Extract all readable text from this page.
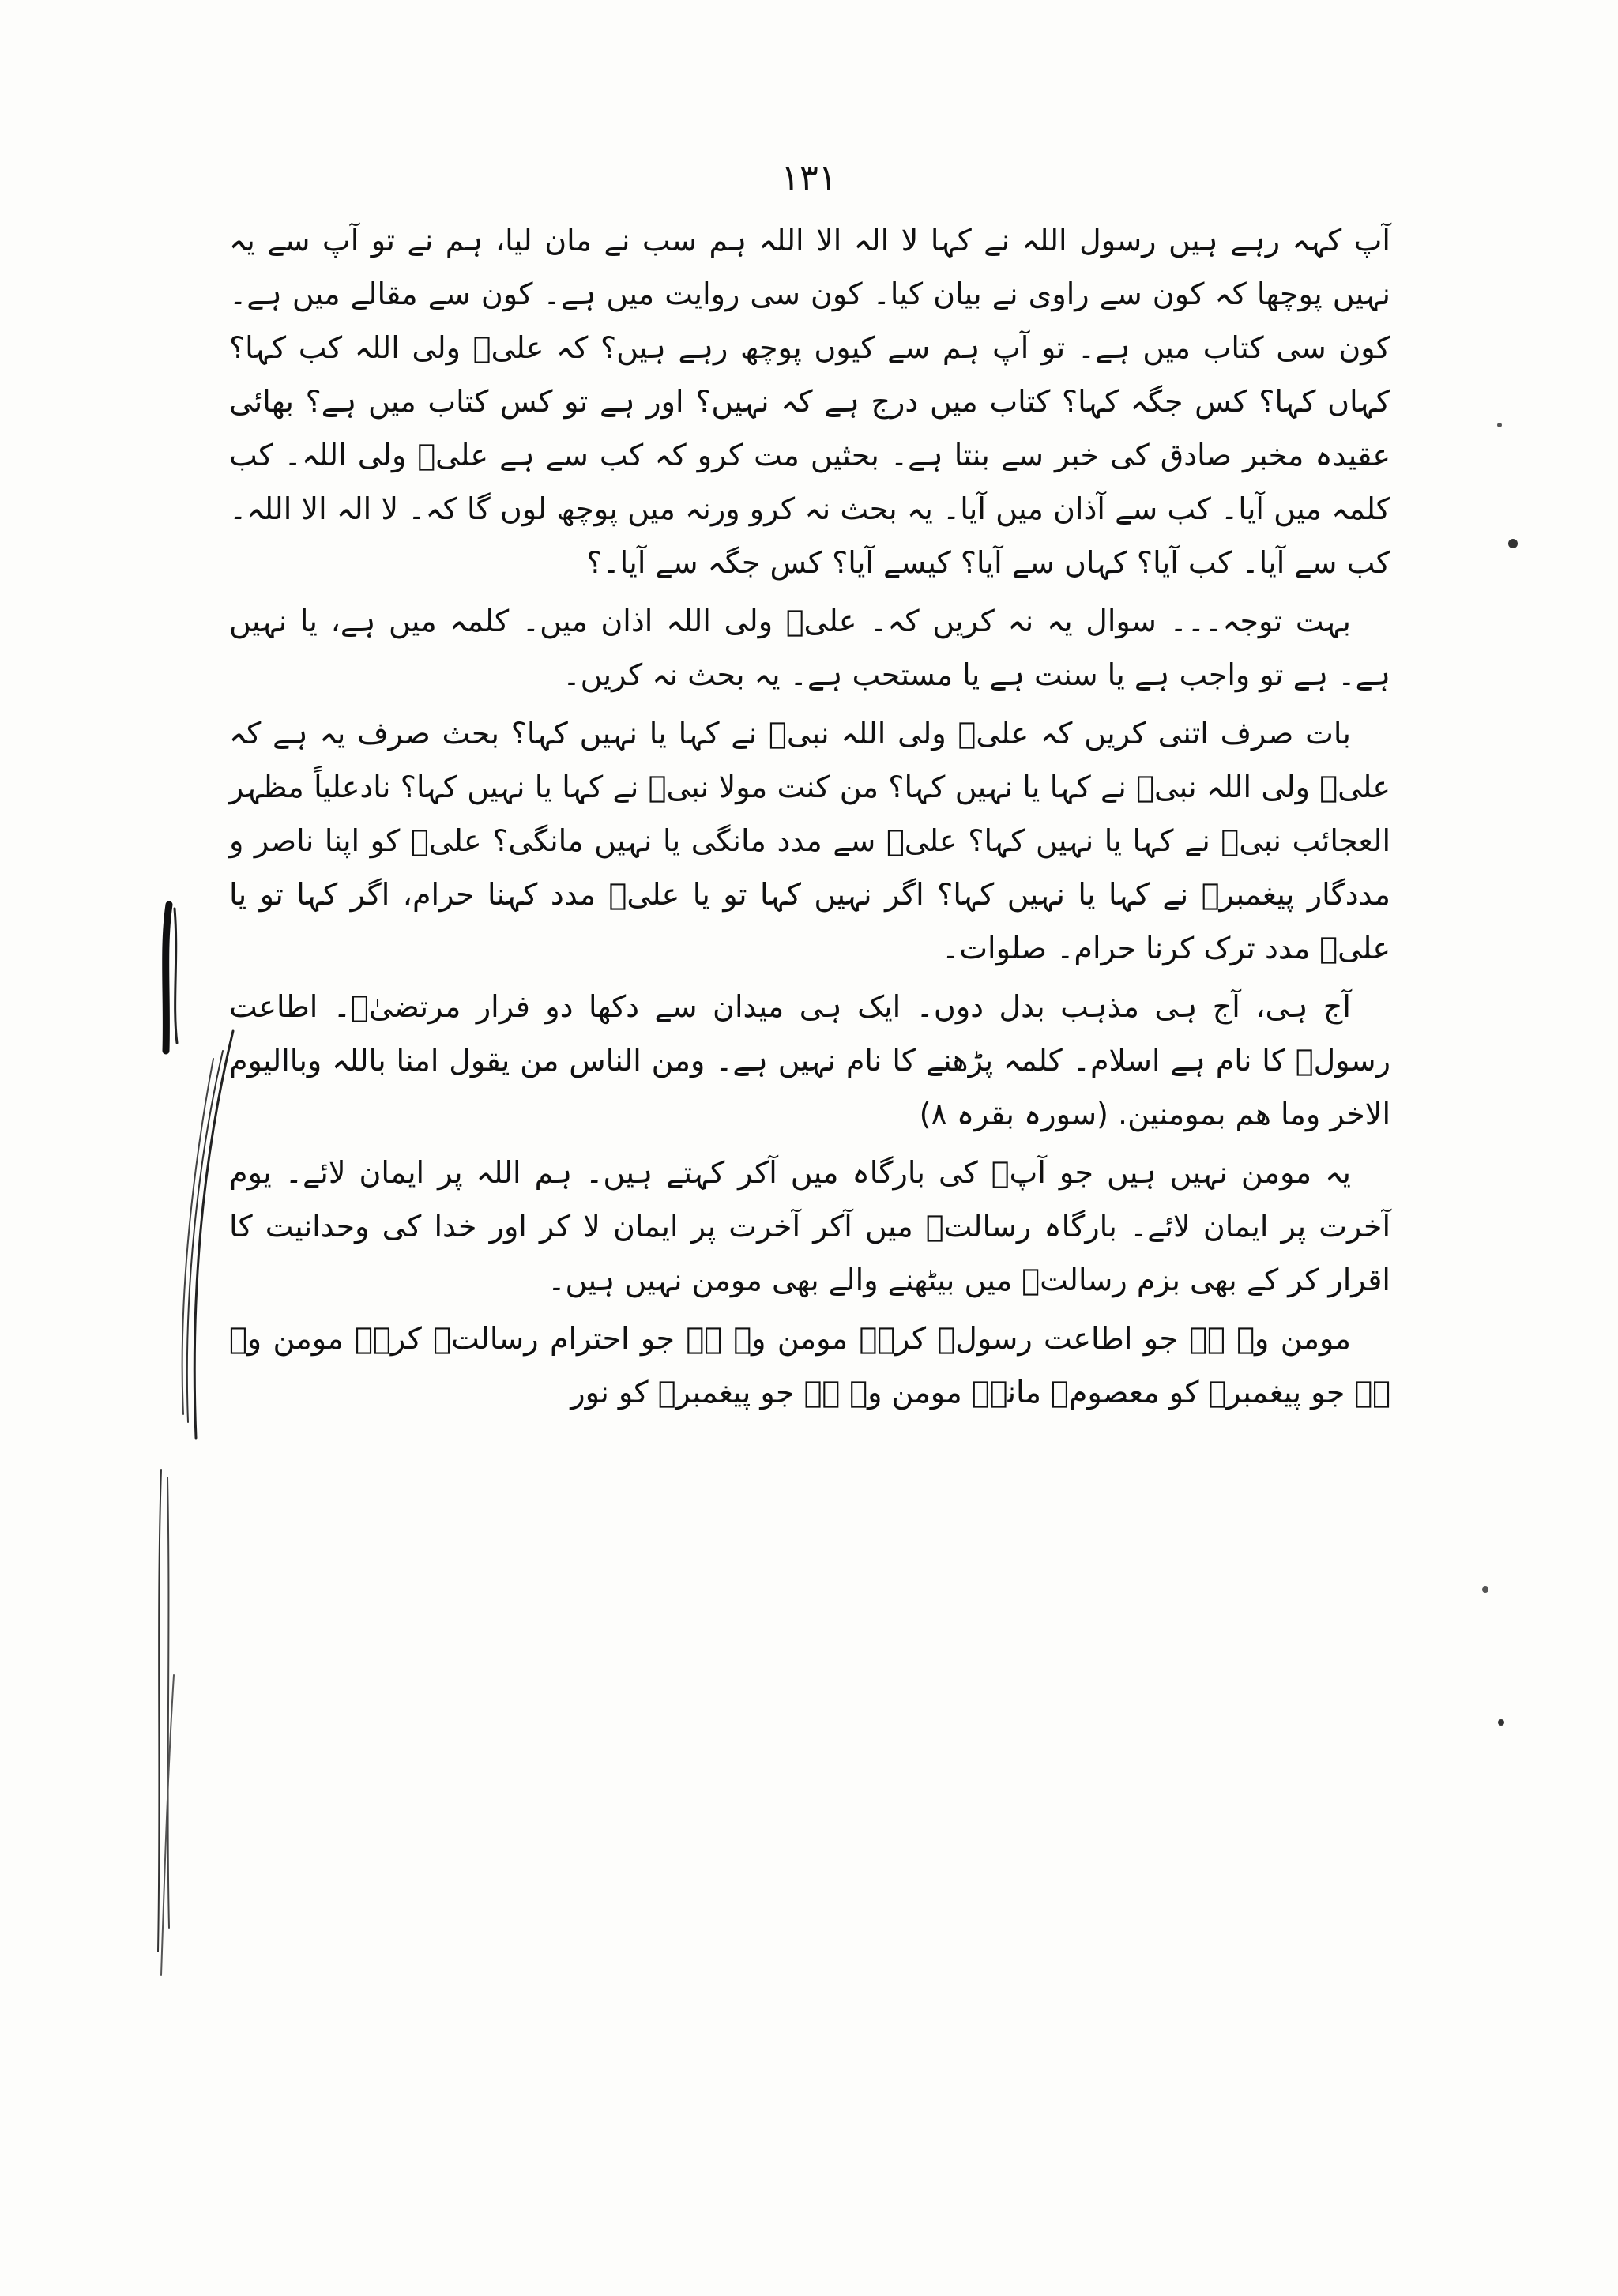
١٣١

آپ کہہ رہے ہیں رسول اللہ نے کہا لا الہ الا اللہ ہم سب نے مان لیا، ہم نے تو آپ سے یہ نہیں پوچھا کہ کون سے راوی نے بیان کیا۔ کون سی روایت میں ہے۔ کون سے مقالے میں ہے۔ کون سی کتاب میں ہے۔ تو آپ ہم سے کیوں پوچھ رہے ہیں؟ کہ علیؑ ولی اللہ کب کہا؟ کہاں کہا؟ کس جگہ کہا؟ کتاب میں درج ہے کہ نہیں؟ اور ہے تو کس کتاب میں ہے؟ بھائی عقیدہ مخبر صادق کی خبر سے بنتا ہے۔ بحثیں مت کرو کہ کب سے ہے علیؑ ولی اللہ۔ کب کلمہ میں آیا۔ کب سے آذان میں آیا۔ یہ بحث نہ کرو ورنہ میں پوچھ لوں گا کہ۔ لا الہ الا اللہ۔ کب سے آیا۔ کب آیا؟ کہاں سے آیا؟ کیسے آیا؟ کس جگہ سے آیا۔؟

بہت توجہ۔۔۔ سوال یہ نہ کریں کہ۔ علیؑ ولی اللہ اذان میں۔ کلمہ میں ہے، یا نہیں ہے۔ ہے تو واجب ہے یا سنت ہے یا مستحب ہے۔ یہ بحث نہ کریں۔

بات صرف اتنی کریں کہ علیؑ ولی اللہ نبیؐ نے کہا یا نہیں کہا؟ بحث صرف یہ ہے کہ علیؑ ولی اللہ نبیؐ نے کہا یا نہیں کہا؟ من کنت مولا نبیؐ نے کہا یا نہیں کہا؟ نادعلیاً مظہر العجائب نبیؐ نے کہا یا نہیں کہا؟ علیؑ سے مدد مانگی یا نہیں مانگی؟ علیؑ کو اپنا ناصر و مددگار پیغمبرؐ نے کہا یا نہیں کہا؟ اگر نہیں کہا تو یا علیؑ مدد کہنا حرام، اگر کہا تو یا علیؑ مدد ترک کرنا حرام۔ صلوات۔

آج ہی، آج ہی مذہب بدل دوں۔ ایک ہی میدان سے دکھا دو فرار مرتضیٰؑ۔ اطاعت رسولؐ کا نام ہے اسلام۔ کلمہ پڑھنے کا نام نہیں ہے۔ ومن الناس من یقول امنا باللہ وباالیوم الاخر وما ھم بمومنین. (سورہ بقرہ ٨)

یہ مومن نہیں ہیں جو آپؐ کی بارگاہ میں آکر کہتے ہیں۔ ہم اللہ پر ایمان لائے۔ یوم آخرت پر ایمان لائے۔ بارگاہ رسالتؐ میں آکر آخرت پر ایمان لا کر اور خدا کی وحدانیت کا اقرار کر کے بھی بزم رسالتؐ میں بیٹھنے والے بھی مومن نہیں ہیں۔

مومن وہ ہے جو اطاعت رسولؐ کرے۔ مومن وہ ہے جو احترام رسالتؐ کرے۔ مومن وہ ہے جو پیغمبرؐ کو معصومؑ مانے۔ مومن وہ ہے جو پیغمبرؐ کو نور
